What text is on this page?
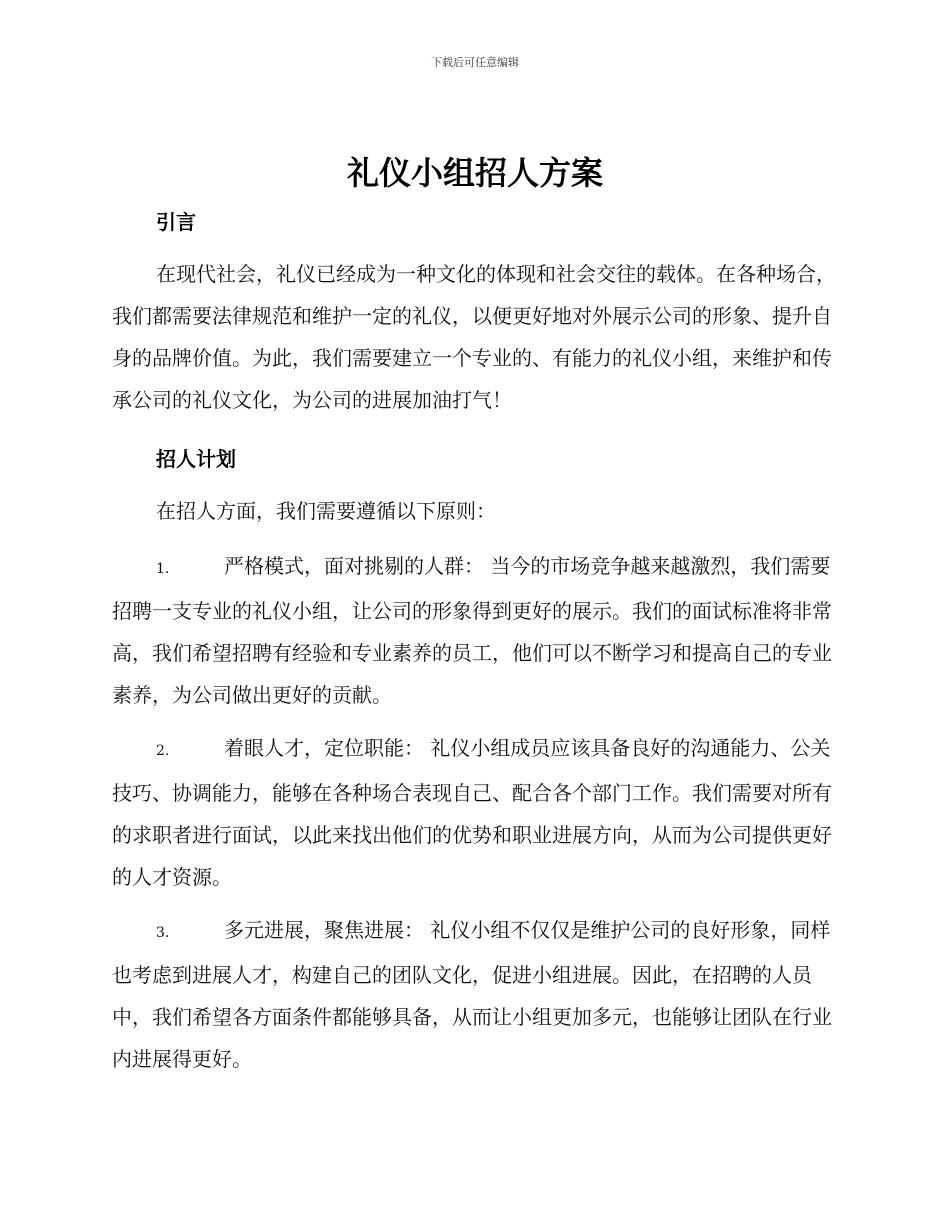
下载后可任意编辑
礼仪小组招人方案
引言

在现代社会，礼仪已经成为一种文化的体现和社会交往的载体。在各种场合，我们都需要法律规范和维护一定的礼仪，以便更好地对外展示公司的形象、提升自身的品牌价值。为此，我们需要建立一个专业的、有能力的礼仪小组，来维护和传承公司的礼仪文化，为公司的进展加油打气！

招人计划

在招人方面，我们需要遵循以下原则：

1.	严格模式，面对挑剔的人群： 当今的市场竞争越来越激烈，我们需要招聘一支专业的礼仪小组，让公司的形象得到更好的展示。我们的面试标准将非常高，我们希望招聘有经验和专业素养的员工，他们可以不断学习和提高自己的专业素养，为公司做出更好的贡献。

2.	着眼人才，定位职能： 礼仪小组成员应该具备良好的沟通能力、公关技巧、协调能力，能够在各种场合表现自己、配合各个部门工作。我们需要对所有的求职者进行面试，以此来找出他们的优势和职业进展方向，从而为公司提供更好的人才资源。

3.	多元进展，聚焦进展： 礼仪小组不仅仅是维护公司的良好形象，同样也考虑到进展人才，构建自己的团队文化，促进小组进展。因此，在招聘的人员中，我们希望各方面条件都能够具备，从而让小组更加多元，也能够让团队在行业内进展得更好。
